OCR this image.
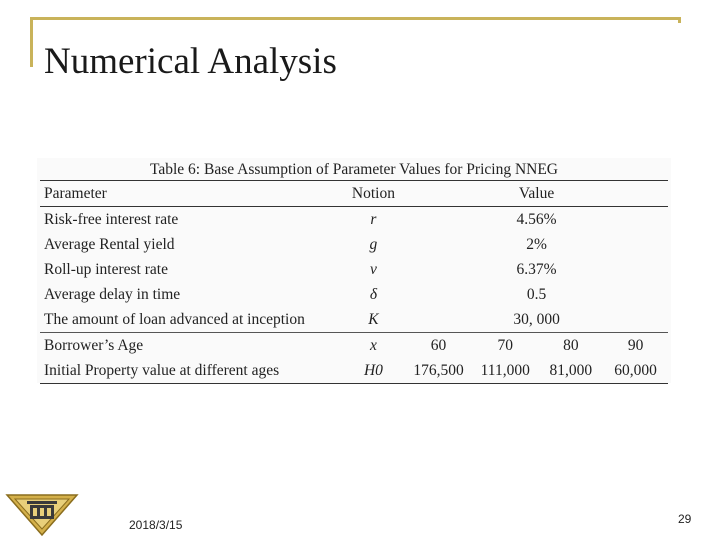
Numerical Analysis
Table 6: Base Assumption of Parameter Values for Pricing NNEG
Parameter	Notion	Value			
Risk-free interest rate	r	4.56%			
Average Rental yield	g	2%			
Roll-up interest rate	ν	6.37%			
Average delay in time	δ	0.5			
The amount of loan advanced at inception	K	30, 000			
Borrower’s Age	x	60	70	80	90
Initial Property value at different ages	H0	176,500	111,000	81,000	60,000
2018/3/15	29
